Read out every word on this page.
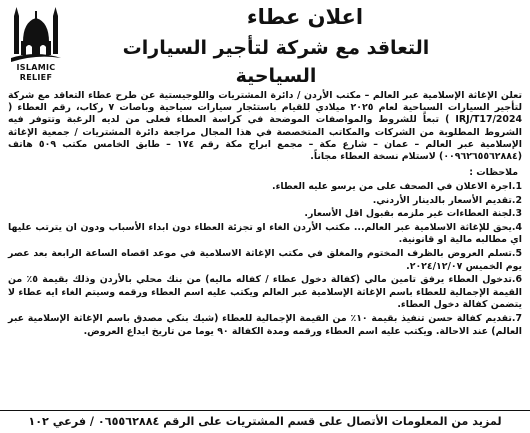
اعلان عطاء
التعاقد مع شركة لتأجير السيارات السياحية
ISLAMIC
RELIEF

تعلن الإغاثة الإسلامية عبر العالم – مكتب الأردن / دائرة المشتريات واللوجيستية عن طرح عطاء التعاقد مع شركة لتأجير السيارات السياحية لعام ٢٠٢٥ ميلادي للقيام باستئجار سيارات سياحية وباصات ٧ ركاب، رقم العطاء ( IRJ/T17/2024 ) تبعاً للشروط والمواصفات الموضحة في كراسة العطاء فعلى من لديه الرغبة وتتوفر فيه الشروط المطلوبة من الشركات والمكاتب المتخصصة في هذا المجال مراجعة دائرة المشتريات / جمعية الإغاثة الإسلامية عبر العالم – عمان – شارع مكة – مجمع ابراج مكة رقم ١٧٤ – طابق الخامس مكتب ٥٠٩ هاتف (٠٠٩٦٢٦٥٥٦٢٨٨٤) لاستلام نسخة العطاء مجاناً.

ملاحظات :
1.اجرة الاعلان في الصحف على من يرسو عليه العطاء.
2.تقديم الأسعار بالدينار الأردني.
3.لجنة العطاءات غير ملزمه بقبول اقل الأسعار.
4.يحق للإغاثة الاسلامية عبر العالم... مكتب الأردن الغاء او تجزئة العطاء دون ابداء الأسباب ودون ان يترتب عليها اي مطالبه مالية او قانونية.
5.تسلم العروض بالظرف المختوم والمغلق في مكتب الإغاثة الاسلامية في موعد اقصاه الساعة الرابعة بعد عصر يوم الخميس ٢٠٢٤/١٢/٠٧.
6.تدخول العطاء يرفق تامين مالي (كفالة دخول عطاء / كفاله ماليه) من بنك محلي بالأردن وذلك بقيمة ٥٪ من القيمة الإجمالية للعطاء باسم الإغاثة الإسلامية عبر العالم ويكتب عليه اسم العطاء ورقمه وسيتم الغاء ايه عطاء لا يتضمن كفالة دخول العطاء.
7.تقديم كفالة حسن تنفيذ بقيمة ١٠٪ من القيمة الإجمالية للعطاء (شيك بنكي مصدق باسم الإغاثة الإسلامية عبر العالم) عند الاحالة. ويكتب عليه اسم العطاء ورقمه ومدة الكفالة ٩٠ يوما من تاريخ ايداع العروض.
لمزيد من المعلومات الأتصال على قسم المشتريات على الرقم ٠٦٥٥٦٢٨٨٤ / فرعي ١٠٢
